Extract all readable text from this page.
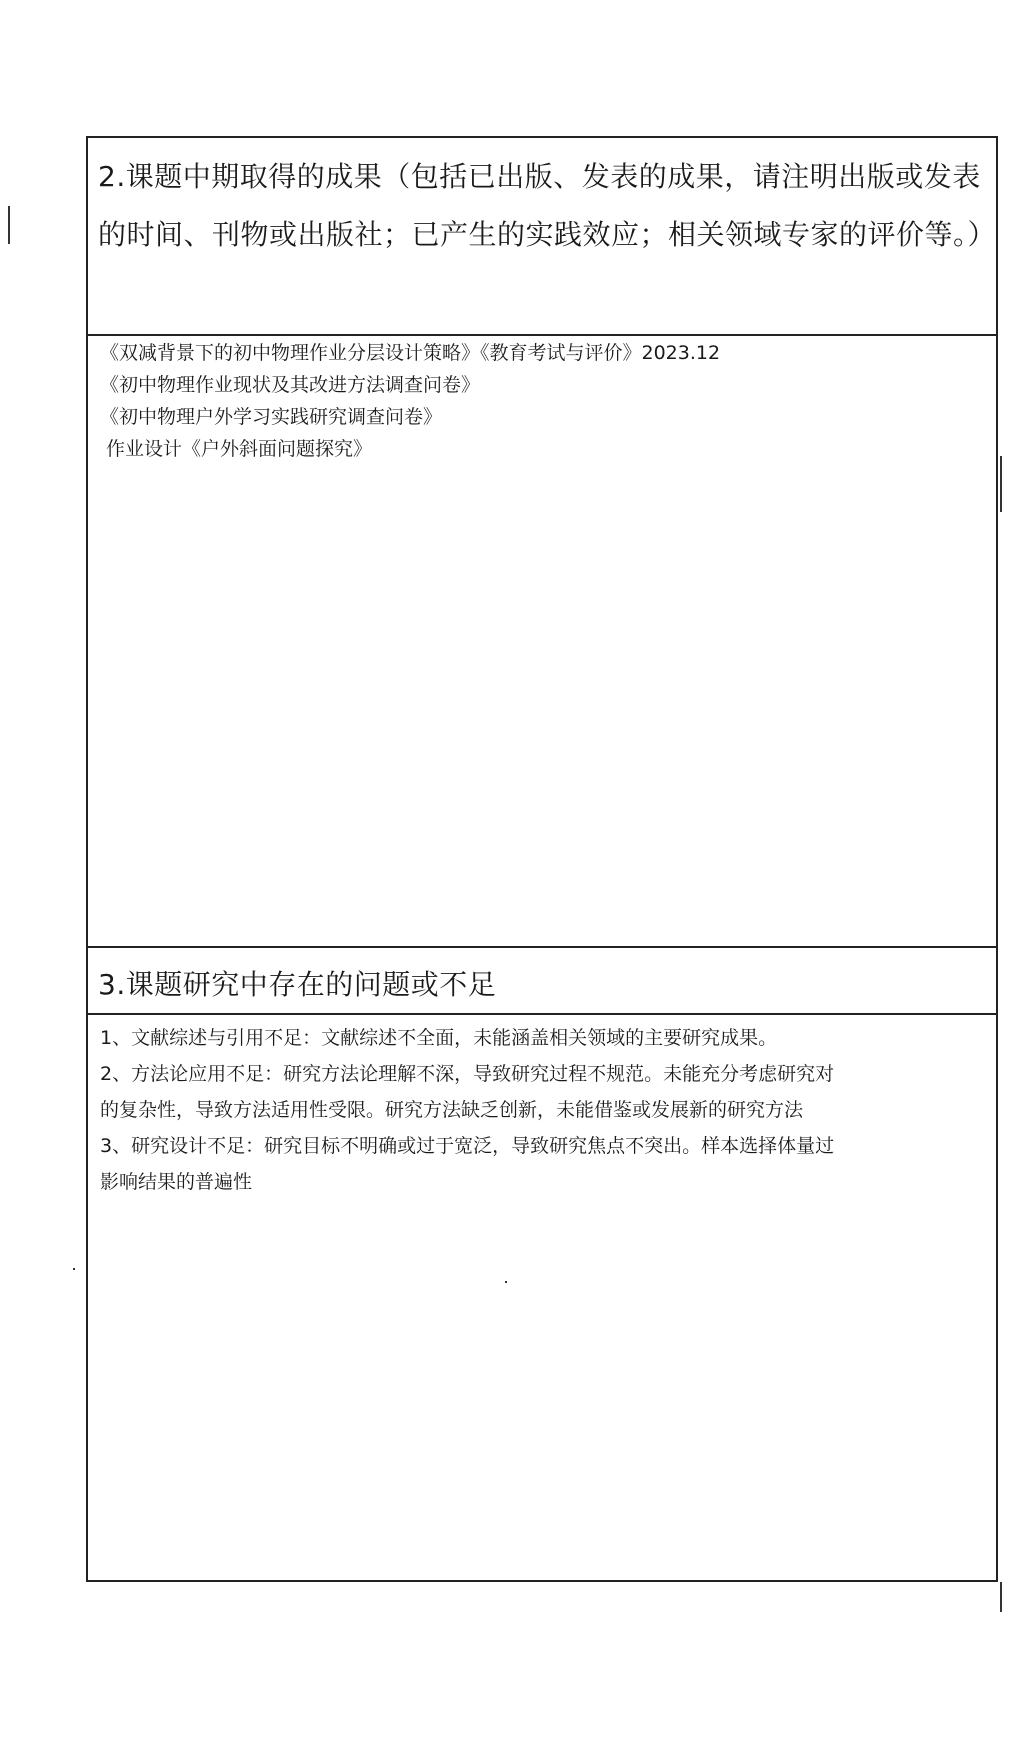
2.课题中期取得的成果（包括已出版、发表的成果，请注明出版或发表的时间、刊物或出版社；已产生的实践效应；相关领域专家的评价等。）

《双减背景下的初中物理作业分层设计策略》《教育考试与评价》2023.12
《初中物理作业现状及其改进方法调查问卷》
《初中物理户外学习实践研究调查问卷》
作业设计《户外斜面问题探究》

3.课题研究中存在的问题或不足

1、文献综述与引用不足：文献综述不全面，未能涵盖相关领域的主要研究成果。
2、方法论应用不足：研究方法论理解不深，导致研究过程不规范。未能充分考虑研究对
的复杂性，导致方法适用性受限。研究方法缺乏创新，未能借鉴或发展新的研究方法
3、研究设计不足：研究目标不明确或过于宽泛，导致研究焦点不突出。样本选择体量过
影响结果的普遍性
